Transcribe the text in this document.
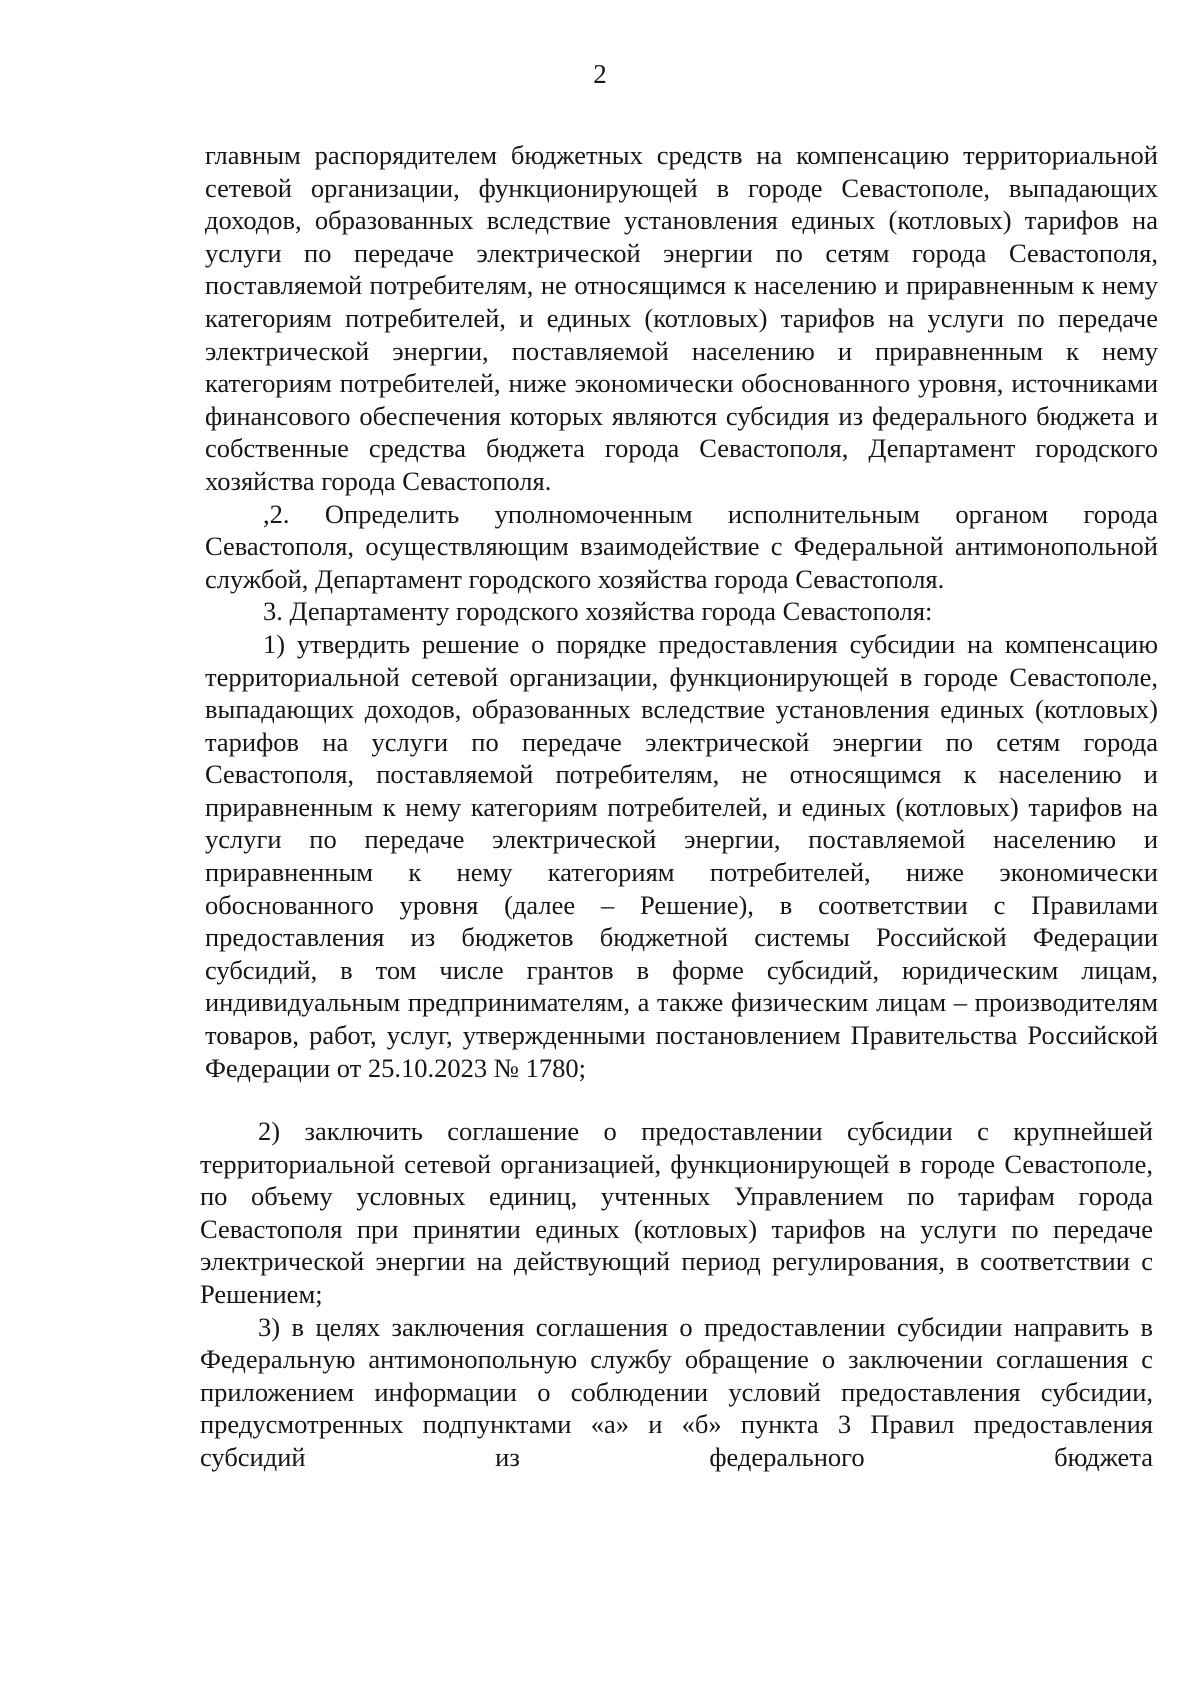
2

главным распорядителем бюджетных средств на компенсацию территориальной сетевой организации, функционирующей в городе Севастополе, выпадающих доходов, образованных вследствие установления единых (котловых) тарифов на услуги по передаче электрической энергии по сетям города Севастополя, поставляемой потребителям, не относящимся к населению и приравненным к нему категориям потребителей, и единых (котловых) тарифов на услуги по передаче электрической энергии, поставляемой населению и приравненным к нему категориям потребителей, ниже экономически обоснованного уровня, источниками финансового обеспечения которых являются субсидия из федерального бюджета и собственные средства бюджета города Севастополя, Департамент городского хозяйства города Севастополя.

,2. Определить уполномоченным исполнительным органом города Севастополя, осуществляющим взаимодействие с Федеральной антимонопольной службой, Департамент городского хозяйства города Севастополя.

3. Департаменту городского хозяйства города Севастополя:

1) утвердить решение о порядке предоставления субсидии на компенсацию территориальной сетевой организации, функционирующей в городе Севастополе, выпадающих доходов, образованных вследствие установления единых (котловых) тарифов на услуги по передаче электрической энергии по сетям города Севастополя, поставляемой потребителям, не относящимся к населению и приравненным к нему категориям потребителей, и единых (котловых) тарифов на услуги по передаче электрической энергии, поставляемой населению и приравненным к нему категориям потребителей, ниже экономически обоснованного уровня (далее – Решение), в соответствии с Правилами предоставления из бюджетов бюджетной системы Российской Федерации субсидий, в том числе грантов в форме субсидий, юридическим лицам, индивидуальным предпринимателям, а также физическим лицам – производителям товаров, работ, услуг, утвержденными постановлением Правительства Российской Федерации от 25.10.2023 № 1780;

2) заключить соглашение о предоставлении субсидии с крупнейшей территориальной сетевой организацией, функционирующей в городе Севастополе, по объему условных единиц, учтенных Управлением по тарифам города Севастополя при принятии единых (котловых) тарифов на услуги по передаче электрической энергии на действующий период регулирования, в соответствии с Решением;

3) в целях заключения соглашения о предоставлении субсидии направить в Федеральную антимонопольную службу обращение о заключении соглашения с приложением информации о соблюдении условий предоставления субсидии, предусмотренных подпунктами «а» и «б» пункта 3 Правил предоставления субсидий из федерального бюджета
